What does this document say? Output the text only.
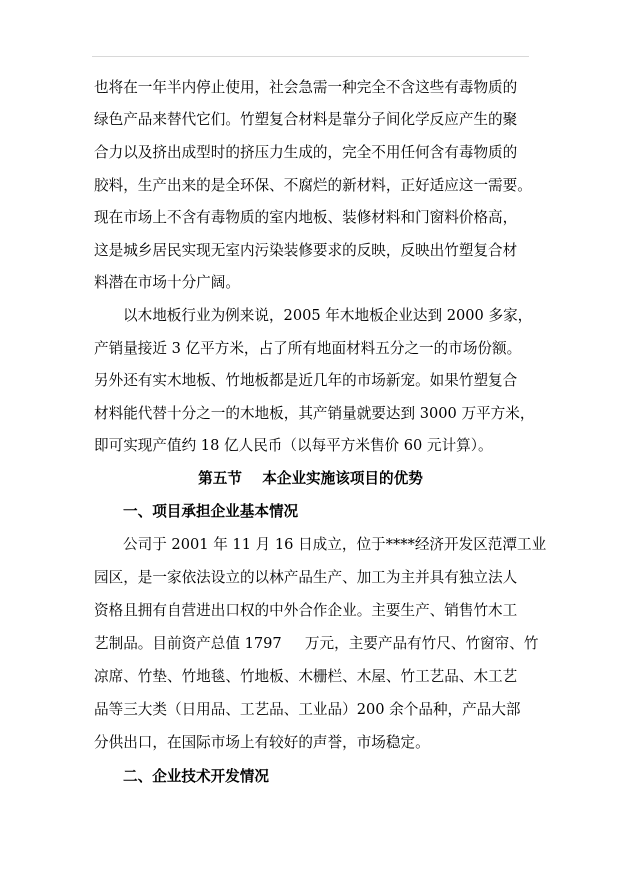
也将在一年半内停止使用，社会急需一种完全不含这些有毒物质的
绿色产品来替代它们。竹塑复合材料是靠分子间化学反应产生的聚
合力以及挤出成型时的挤压力生成的，完全不用任何含有毒物质的
胶料，生产出来的是全环保、不腐烂的新材料，正好适应这一需要。
现在市场上不含有毒物质的室内地板、装修材料和门窗料价格高，
这是城乡居民实现无室内污染装修要求的反映，反映出竹塑复合材
料潜在市场十分广阔。
以木地板行业为例来说，2005 年木地板企业达到 2000 多家，
产销量接近 3 亿平方米，占了所有地面材料五分之一的市场份额。
另外还有实木地板、竹地板都是近几年的市场新宠。如果竹塑复合
材料能代替十分之一的木地板，其产销量就要达到 3000 万平方米，
即可实现产值约 18 亿人民币（以每平方米售价 60 元计算）。
第五节    本企业实施该项目的优势
一、项目承担企业基本情况
公司于 2001 年 11 月 16 日成立，位于****经济开发区范潭工业
园区，是一家依法设立的以林产品生产、加工为主并具有独立法人
资格且拥有自营进出口权的中外合作企业。主要生产、销售竹木工
艺制品。目前资产总值 1797     万元，主要产品有竹尺、竹窗帘、竹
凉席、竹垫、竹地毯、竹地板、木栅栏、木屋、竹工艺品、木工艺
品等三大类（日用品、工艺品、工业品）200 余个品种，产品大部
分供出口，在国际市场上有较好的声誉，市场稳定。
二、企业技术开发情况
